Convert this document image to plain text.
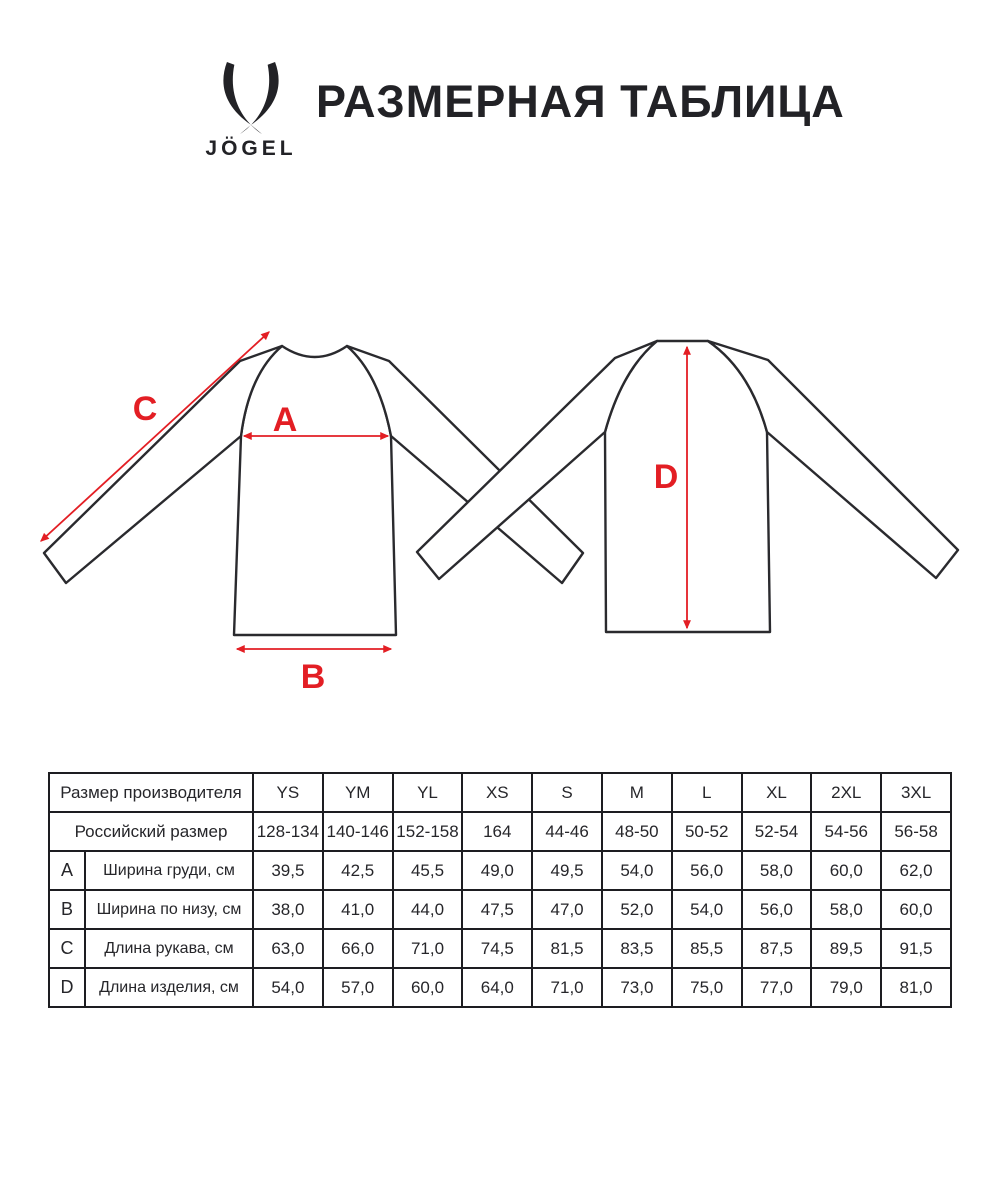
JÖGEL
РАЗМЕРНАЯ ТАБЛИЦА
C	A
B
D
Размер производителя		YS	YM	YL	XS	S	M	L	XL	2XL	3XL
Российский размер		128-134	140-146	152-158	164	44-46	48-50	50-52	52-54	54-56	56-58
A	Ширина груди, см	39,5	42,5	45,5	49,0	49,5	54,0	56,0	58,0	60,0	62,0
B	Ширина по низу, см	38,0	41,0	44,0	47,5	47,0	52,0	54,0	56,0	58,0	60,0
C	Длина рукава, см	63,0	66,0	71,0	74,5	81,5	83,5	85,5	87,5	89,5	91,5
D	Длина изделия, см	54,0	57,0	60,0	64,0	71,0	73,0	75,0	77,0	79,0	81,0
